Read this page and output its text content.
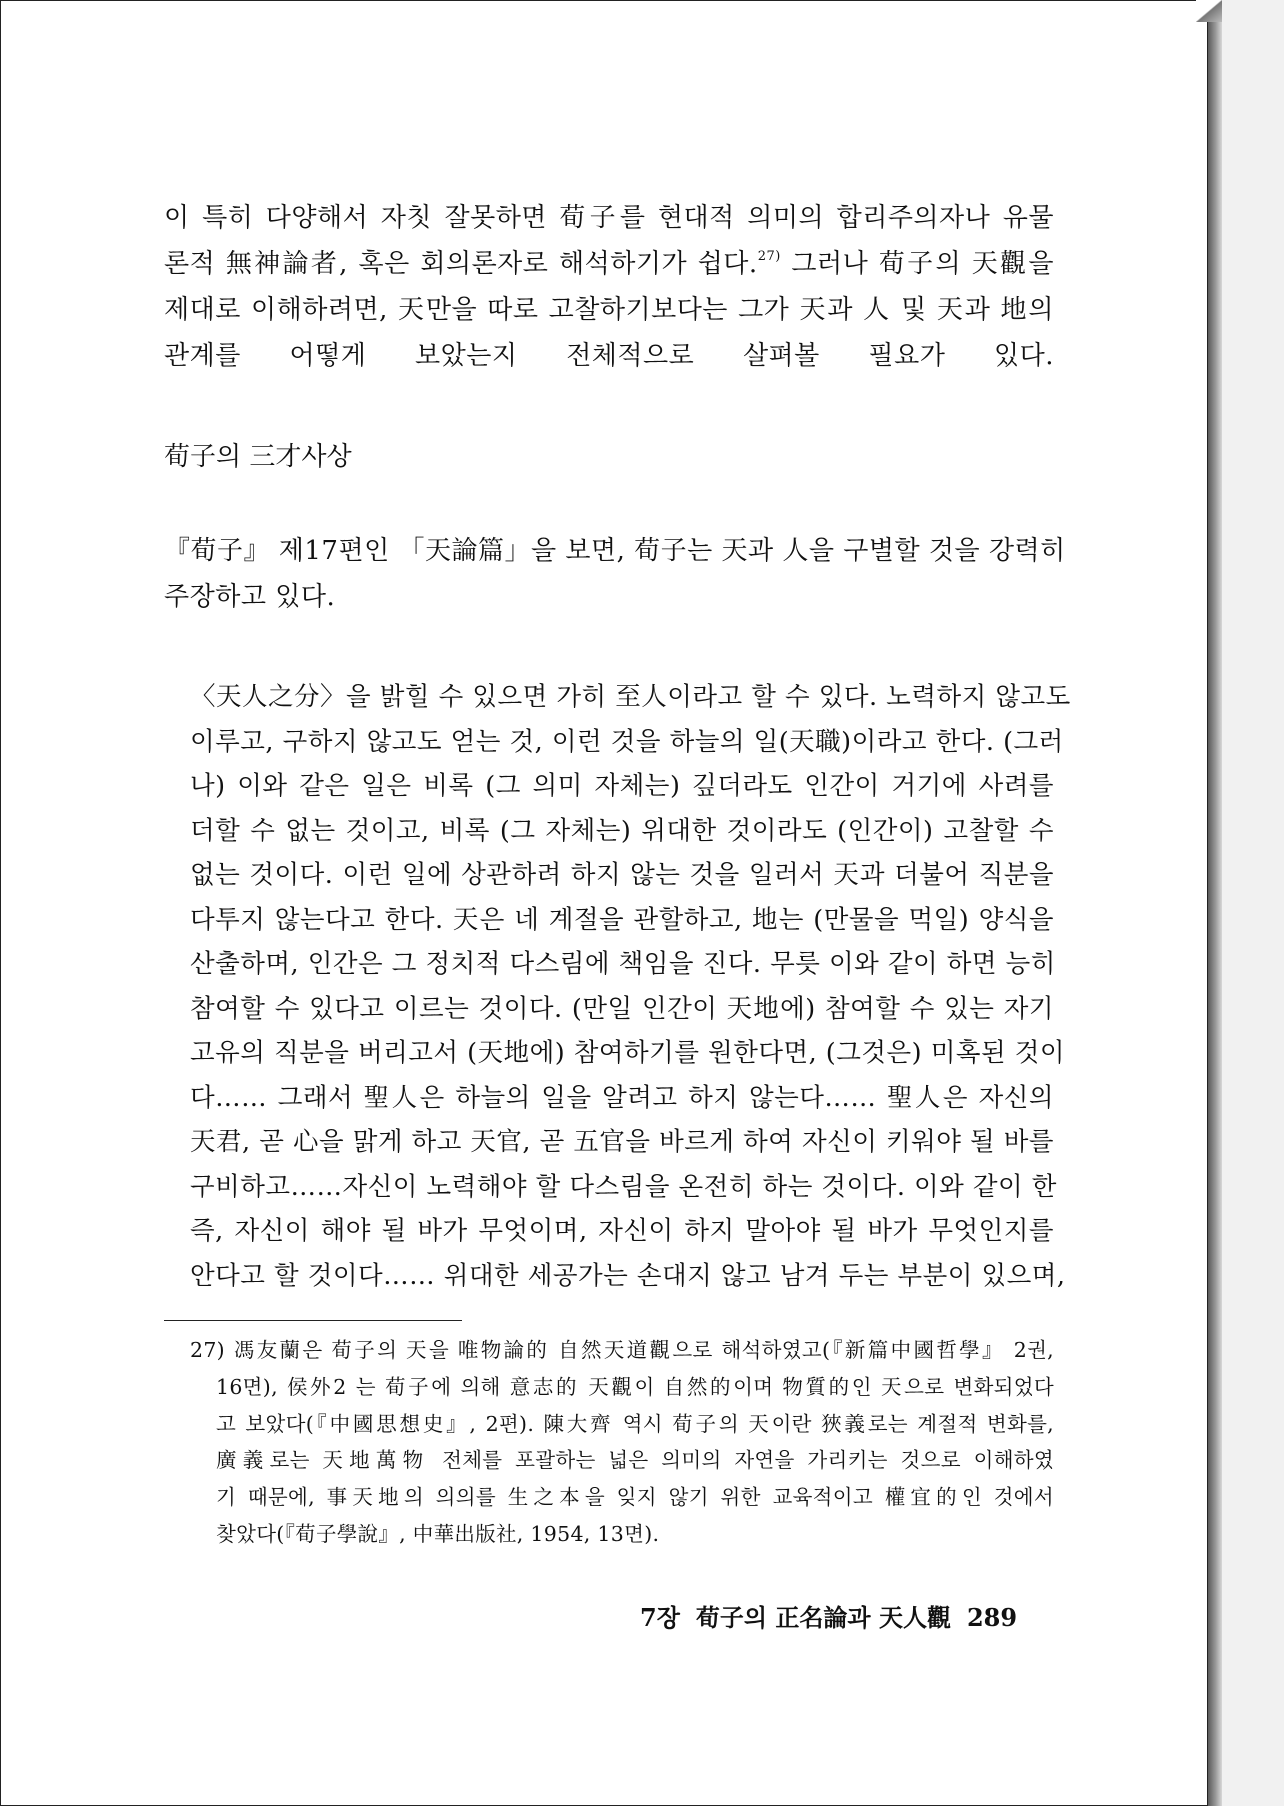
이 특히 다양해서 자칫 잘못하면 荀子를 현대적 의미의 합리주의자나 유물
론적 無神論者, 혹은 회의론자로 해석하기가 쉽다.$^{27)}$ 그러나 荀子의 天觀을
제대로 이해하려면, 天만을 따로 고찰하기보다는 그가 天과 人 및 天과 地의
관계를 어떻게 보았는지 전체적으로 살펴볼 필요가 있다.
荀子의 三才사상
『荀子』 제17편인 「天論篇」을 보면, 荀子는 天과 人을 구별할 것을 강력히
주장하고 있다.
〈天人之分〉을 밝힐 수 있으면 가히 至人이라고 할 수 있다. 노력하지 않고도
이루고, 구하지 않고도 얻는 것, 이런 것을 하늘의 일(天職)이라고 한다. (그러
나) 이와 같은 일은 비록 (그 의미 자체는) 깊더라도 인간이 거기에 사려를
더할 수 없는 것이고, 비록 (그 자체는) 위대한 것이라도 (인간이) 고찰할 수
없는 것이다. 이런 일에 상관하려 하지 않는 것을 일러서 天과 더불어 직분을
다투지 않는다고 한다. 天은 네 계절을 관할하고, 地는 (만물을 먹일) 양식을
산출하며, 인간은 그 정치적 다스림에 책임을 진다. 무릇 이와 같이 하면 능히
참여할 수 있다고 이르는 것이다. (만일 인간이 天地에) 참여할 수 있는 자기
고유의 직분을 버리고서 (天地에) 참여하기를 원한다면, (그것은) 미혹된 것이
다…… 그래서 聖人은 하늘의 일을 알려고 하지 않는다…… 聖人은 자신의
天君, 곧 心을 맑게 하고 天官, 곧 五官을 바르게 하여 자신이 키워야 될 바를
구비하고……자신이 노력해야 할 다스림을 온전히 하는 것이다. 이와 같이 한
즉, 자신이 해야 될 바가 무엇이며, 자신이 하지 말아야 될 바가 무엇인지를
안다고 할 것이다…… 위대한 세공가는 손대지 않고 남겨 두는 부분이 있으며,
27) 馮友蘭은 荀子의 天을 唯物論的 自然天道觀으로 해석하였고(『新篇中國哲學』 2권,
16면), 侯外2 는 荀子에 의해 意志的 天觀이 自然的이며 物質的인 天으로 변화되었다
고 보았다(『中國思想史』, 2편). 陳大齊 역시 荀子의 天이란 狹義로는 계절적 변화를,
廣義로는 天地萬物 전체를 포괄하는 넓은 의미의 자연을 가리키는 것으로 이해하였
기 때문에, 事天地의 의의를 生之本을 잊지 않기 위한 교육적이고 權宜的인 것에서
찾았다(『荀子學說』, 中華出版社, 1954, 13면).
7장 荀子의 正名論과 天人觀 289
